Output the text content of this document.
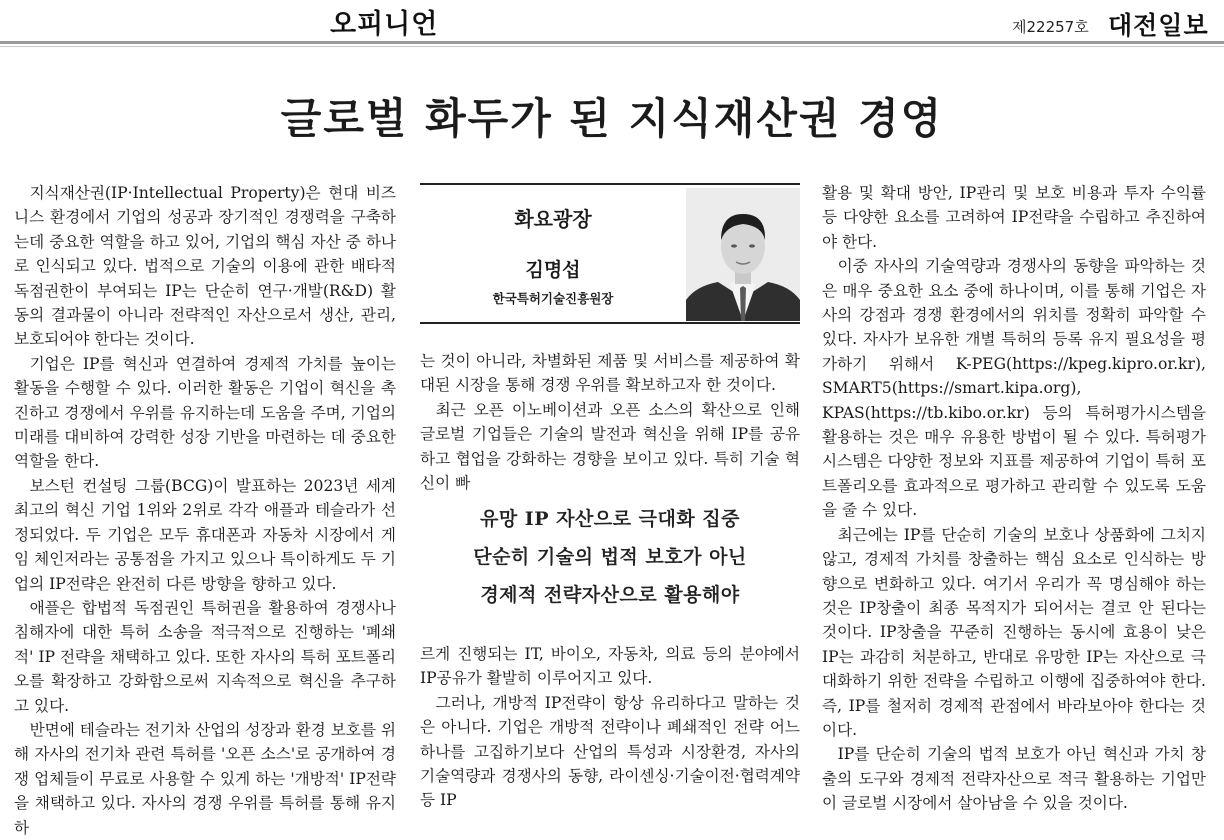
오피니언	제22257호 대전일보
글로벌 화두가 된 지식재산권 경영

지식재산권(IP·Intellectual Property)은 현대 비즈니스 환경에서 기업의 성공과 장기적인 경쟁력을 구축하는데 중요한 역할을 하고 있어, 기업의 핵심 자산 중 하나로 인식되고 있다. 법적으로 기술의 이용에 관한 배타적 독점권한이 부여되는 IP는 단순히 연구·개발(R&D) 활동의 결과물이 아니라 전략적인 자산으로서 생산, 관리, 보호되어야 한다는 것이다.

기업은 IP를 혁신과 연결하여 경제적 가치를 높이는 활동을 수행할 수 있다. 이러한 활동은 기업이 혁신을 촉진하고 경쟁에서 우위를 유지하는데 도움을 주며, 기업의 미래를 대비하여 강력한 성장 기반을 마련하는 데 중요한 역할을 한다.

보스턴 컨설팅 그룹(BCG)이 발표하는 2023년 세계 최고의 혁신 기업 1위와 2위로 각각 애플과 테슬라가 선정되었다. 두 기업은 모두 휴대폰과 자동차 시장에서 게임 체인저라는 공통점을 가지고 있으나 특이하게도 두 기업의 IP전략은 완전히 다른 방향을 향하고 있다.

애플은 합법적 독점권인 특허권을 활용하여 경쟁사나 침해자에 대한 특허 소송을 적극적으로 진행하는 '폐쇄적' IP 전략을 채택하고 있다. 또한 자사의 특허 포트폴리오를 확장하고 강화함으로써 지속적으로 혁신을 추구하고 있다.

반면에 테슬라는 전기차 산업의 성장과 환경 보호를 위해 자사의 전기차 관련 특허를 '오픈 소스'로 공개하여 경쟁 업체들이 무료로 사용할 수 있게 하는 '개방적' IP전략을 채택하고 있다. 자사의 경쟁 우위를 특허를 통해 유지하

화요광장
김명섭
한국특허기술진흥원장

는 것이 아니라, 차별화된 제품 및 서비스를 제공하여 확대된 시장을 통해 경쟁 우위를 확보하고자 한 것이다.

최근 오픈 이노베이션과 오픈 소스의 확산으로 인해 글로벌 기업들은 기술의 발전과 혁신을 위해 IP를 공유하고 협업을 강화하는 경향을 보이고 있다. 특히 기술 혁신이 빠

유망 IP 자산으로 극대화 집중
단순히 기술의 법적 보호가 아닌
경제적 전략자산으로 활용해야

르게 진행되는 IT, 바이오, 자동차, 의료 등의 분야에서 IP공유가 활발히 이루어지고 있다.

그러나, 개방적 IP전략이 항상 유리하다고 말하는 것은 아니다. 기업은 개방적 전략이나 폐쇄적인 전략 어느 하나를 고집하기보다 산업의 특성과 시장환경, 자사의 기술역량과 경쟁사의 동향, 라이센싱·기술이전·협력계약 등 IP

활용 및 확대 방안, IP관리 및 보호 비용과 투자 수익률 등 다양한 요소를 고려하여 IP전략을 수립하고 추진하여야 한다.

이중 자사의 기술역량과 경쟁사의 동향을 파악하는 것은 매우 중요한 요소 중에 하나이며, 이를 통해 기업은 자사의 강점과 경쟁 환경에서의 위치를 정확히 파악할 수 있다. 자사가 보유한 개별 특허의 등록 유지 필요성을 평가하기 위해서 K-PEG(https://kpeg.kipro.or.kr), SMART5(https://smart.kipa.org), KPAS(https://tb.kibo.or.kr) 등의 특허평가시스템을 활용하는 것은 매우 유용한 방법이 될 수 있다. 특허평가시스템은 다양한 정보와 지표를 제공하여 기업이 특허 포트폴리오를 효과적으로 평가하고 관리할 수 있도록 도움을 줄 수 있다.

최근에는 IP를 단순히 기술의 보호나 상품화에 그치지 않고, 경제적 가치를 창출하는 핵심 요소로 인식하는 방향으로 변화하고 있다. 여기서 우리가 꼭 명심해야 하는 것은 IP창출이 최종 목적지가 되어서는 결코 안 된다는 것이다. IP창출을 꾸준히 진행하는 동시에 효용이 낮은 IP는 과감히 처분하고, 반대로 유망한 IP는 자산으로 극대화하기 위한 전략을 수립하고 이행에 집중하여야 한다. 즉, IP를 철저히 경제적 관점에서 바라보아야 한다는 것이다.

IP를 단순히 기술의 법적 보호가 아닌 혁신과 가치 창출의 도구와 경제적 전략자산으로 적극 활용하는 기업만이 글로벌 시장에서 살아남을 수 있을 것이다.
